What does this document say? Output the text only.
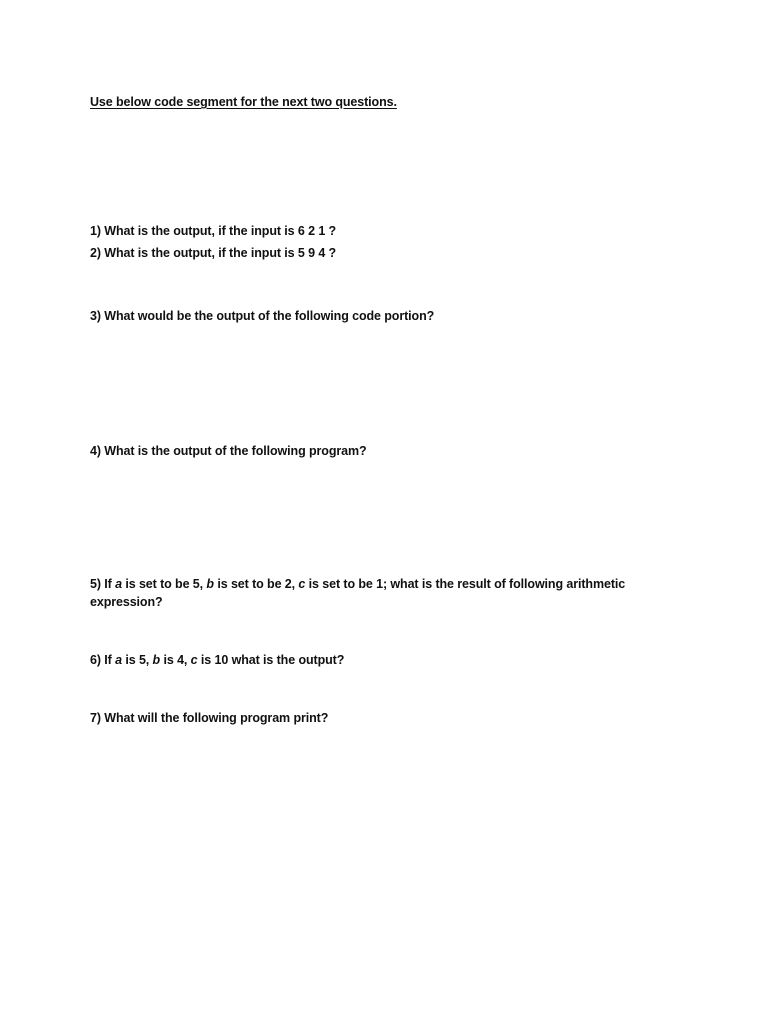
Use below code segment for the next two questions.
1) What is the output, if the input is 6 2 1 ?
2) What is the output, if the input is 5 9 4 ?
3) What would be the output of the following code portion?
4) What is the output of the following program?
5) If a is set to be 5, b is set to be 2, c is set to be 1; what is the result of following arithmetic
expression?
6) If a is 5, b is 4, c is 10 what is the output?
7) What will the following program print?
